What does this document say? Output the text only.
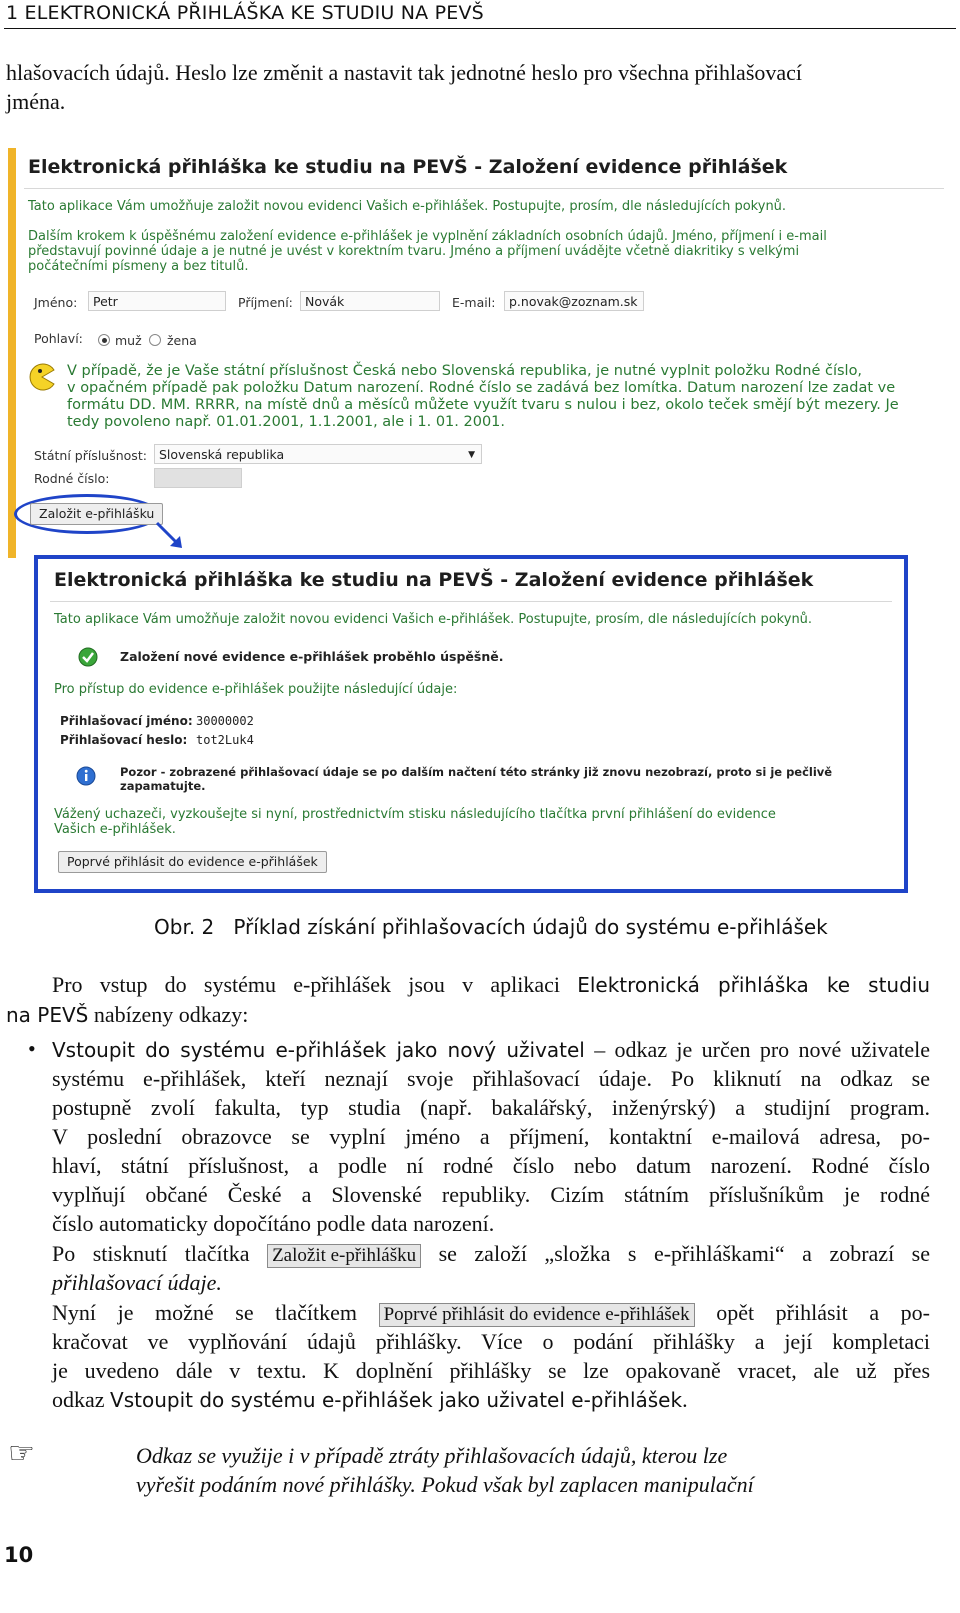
1 ELEKTRONICKÁ PŘIHLÁŠKA KE STUDIU NA PEVŠ
hlašovacích údajů. Heslo lze změnit a nastavit tak jednotné heslo pro všechna přihlašovací
jména.
Elektronická přihláška ke studiu na PEVŠ - Založení evidence přihlášek
Tato aplikace Vám umožňuje založit novou evidenci Vašich e-přihlášek. Postupujte, prosím, dle následujících pokynů.
Dalším krokem k úspěšnému založení evidence e-přihlášek je vyplnění základních osobních údajů. Jméno, příjmení i e-mail
představují povinné údaje a je nutné je uvést v korektním tvaru. Jméno a příjmení uvádějte včetně diakritiky s velkými
počátečními písmeny a bez titulů.
Jméno:	Petr	Příjmení: Novák	E-mail:	p.novak@zoznam.sk
Pohlaví:	muž žena
V případě, že je Vaše státní příslušnost Česká nebo Slovenská republika, je nutné vyplnit položku Rodné číslo,
v opačném případě pak položku Datum narození. Rodné číslo se zadává bez lomítka. Datum narození lze zadat ve
formátu DD. MM. RRRR, na místě dnů a měsíců můžete využít tvaru s nulou i bez, okolo teček smějí být mezery. Je
tedy povoleno např. 01.01.2001, 1.1.2001, ale i 1. 01. 2001.
Státní příslušnost: Slovenská republika	▼
Rodné číslo:
Založit e-přihlášku
Elektronická přihláška ke studiu na PEVŠ - Založení evidence přihlášek
Tato aplikace Vám umožňuje založit novou evidenci Vašich e-přihlášek. Postupujte, prosím, dle následujících pokynů.
Založení nové evidence e-přihlášek proběhlo úspěšně.
Pro přístup do evidence e-přihlášek použijte následující údaje:
Přihlašovací jméno: 30000002
Přihlašovací heslo: tot2Luk4
Pozor - zobrazené přihlašovací údaje se po dalším načtení této stránky již znovu nezobrazí, proto si je pečlivě
zapamatujte.
Vážený uchazeči, vyzkoušejte si nyní, prostřednictvím stisku následujícího tlačítka první přihlášení do evidence
Vašich e-přihlášek.
Poprvé přihlásit do evidence e-přihlášek
Obr. 2 Příklad získání přihlašovacích údajů do systému e-přihlášek
Pro vstup do systému e-přihlášek jsou v aplikaci Elektronická přihláška ke studiu
na PEVŠ nabízeny odkazy:
• Vstoupit do systému e-přihlášek jako nový uživatel – odkaz je určen pro nové uživatele
systému e-přihlášek, kteří neznají svoje přihlašovací údaje. Po kliknutí na odkaz se
postupně zvolí fakulta, typ studia (např. bakalářský, inženýrský) a studijní program.
V poslední obrazovce se vyplní jméno a příjmení, kontaktní e-mailová adresa, po-
hlaví, státní příslušnost, a podle ní rodné číslo nebo datum narození. Rodné číslo
vyplňují občané České a Slovenské republiky. Cizím státním příslušníkům je rodné
číslo automaticky dopočítáno podle data narození.
Po stisknutí tlačítka Založit e-přihlášku se založí „složka s e-přihláškami“ a zobrazí se
přihlašovací údaje.
Nyní je možné se tlačítkem Poprvé přihlásit do evidence e-přihlášek opět přihlásit a po-
kračovat ve vyplňování údajů přihlášky. Více o podání přihlášky a její kompletaci
je uvedeno dále v textu. K doplnění přihlášky se lze opakovaně vracet, ale už přes
odkaz Vstoupit do systému e-přihlášek jako uživatel e-přihlášek.
☞	Odkaz se využije i v případě ztráty přihlašovacích údajů, kterou lze
vyřešit podáním nové přihlášky. Pokud však byl zaplacen manipulační
10
